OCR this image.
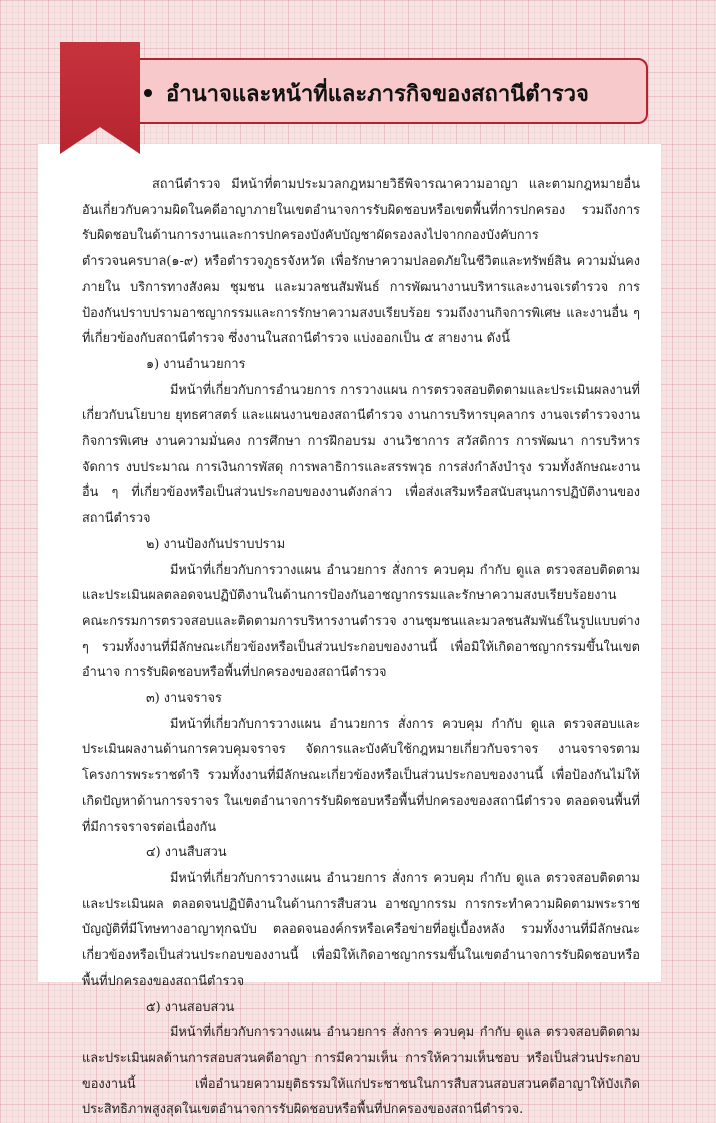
อำนาจและหน้าที่และภารกิจของสถานีตำรวจ

สถานีตำรวจ มีหน้าที่ตามประมวลกฎหมายวิธีพิจารณาความอาญา และตามกฎหมายอื่นอันเกี่ยวกับความผิดในคดีอาญาภายในเขตอำนาจการรับผิดชอบหรือเขตพื้นที่การปกครอง รวมถึงการรับผิดชอบในด้านการงานและการปกครองบังคับบัญชาผัดรองลงไปจากกองบังคับการตำรวจนครบาล(๑-๙) หรือตำรวจภูธรจังหวัด เพื่อรักษาความปลอดภัยในชีวิตและทรัพย์สิน ความมั่นคงภายใน บริการทางสังคม ชุมชน และมวลชนสัมพันธ์ การพัฒนางานบริหารและงานจเรตำรวจ การป้องกันปราบปรามอาชญากรรมและการรักษาความสงบเรียบร้อย รวมถึงงานกิจการพิเศษ และงานอื่น ๆ ที่เกี่ยวข้องกับสถานีตำรวจ ซึ่งงานในสถานีตำรวจ แบ่งออกเป็น ๕ สายงาน ดังนี้

๑) งานอำนวยการ

มีหน้าที่เกี่ยวกับการอำนวยการ การวางแผน การตรวจสอบติดตามและประเมินผลงานที่เกี่ยวกับนโยบาย ยุทธศาสตร์ และแผนงานของสถานีตำรวจ งานการบริหารบุคลากร งานจเรตำรวจงานกิจการพิเศษ งานความมั่นคง การศึกษา การฝึกอบรม งานวิชาการ สวัสดิการ การพัฒนา การบริหารจัดการ งบประมาณ การเงินการพัสดุ การพลาธิการและสรรพวุธ การส่งกำลังบำรุง รวมทั้งลักษณะงานอื่น ๆ ที่เกี่ยวข้องหรือเป็นส่วนประกอบของงานดังกล่าว เพื่อส่งเสริมหรือสนับสนุนการปฏิบัติงานของสถานีตำรวจ

๒) งานป้องกันปราบปราม

มีหน้าที่เกี่ยวกับการวางแผน อำนวยการ สั่งการ ควบคุม กำกับ ดูแล ตรวจสอบติดตามและประเมินผลตลอดจนปฏิบัติงานในด้านการป้องกันอาชญากรรมและรักษาความสงบเรียบร้อยงานคณะกรรมการตรวจสอบและติดตามการบริหารงานตำรวจ งานชุมชนและมวลชนสัมพันธ์ในรูปแบบต่าง ๆ รวมทั้งงานที่มีลักษณะเกี่ยวข้องหรือเป็นส่วนประกอบของงานนี้ เพื่อมิให้เกิดอาชญากรรมขึ้นในเขตอำนาจ การรับผิดชอบหรือพื้นที่ปกครองของสถานีตำรวจ

๓) งานจราจร

มีหน้าที่เกี่ยวกับการวางแผน อำนวยการ สั่งการ ควบคุม กำกับ ดูแล ตรวจสอบและประเมินผลงานด้านการควบคุมจราจร จัดการและบังคับใช้กฎหมายเกี่ยวกับจราจร งานจราจรตามโครงการพระราชดำริ รวมทั้งงานที่มีลักษณะเกี่ยวข้องหรือเป็นส่วนประกอบของงานนี้ เพื่อป้องกันไม่ให้เกิดปัญหาด้านการจราจร ในเขตอำนาจการรับผิดชอบหรือพื้นที่ปกครองของสถานีตำรวจ ตลอดจนพื้นที่ที่มีการจราจรต่อเนื่องกัน

๔) งานสืบสวน

มีหน้าที่เกี่ยวกับการวางแผน อำนวยการ สั่งการ ควบคุม กำกับ ดูแล ตรวจสอบติดตามและประเมินผล ตลอดจนปฏิบัติงานในด้านการสืบสวน อาชญากรรม การกระทำความผิดตามพระราชบัญญัติที่มีโทษทางอาญาทุกฉบับ ตลอดจนองค์กรหรือเครือข่ายที่อยู่เบื้องหลัง รวมทั้งงานที่มีลักษณะเกี่ยวข้องหรือเป็นส่วนประกอบของงานนี้ เพื่อมิให้เกิดอาชญากรรมขึ้นในเขตอำนาจการรับผิดชอบหรือพื้นที่ปกครองของสถานีตำรวจ

๕) งานสอบสวน

มีหน้าที่เกี่ยวกับการวางแผน อำนวยการ สั่งการ ควบคุม กำกับ ดูแล ตรวจสอบติดตามและประเมินผลด้านการสอบสวนคดีอาญา การมีความเห็น การให้ความเห็นชอบ หรือเป็นส่วนประกอบของงานนี้ เพื่ออำนวยความยุติธรรมให้แก่ประชาชนในการสืบสวนสอบสวนคดีอาญาให้บังเกิดประสิทธิภาพสูงสุดในเขตอำนาจการรับผิดชอบหรือพื้นที่ปกครองของสถานีตำรวจ.
